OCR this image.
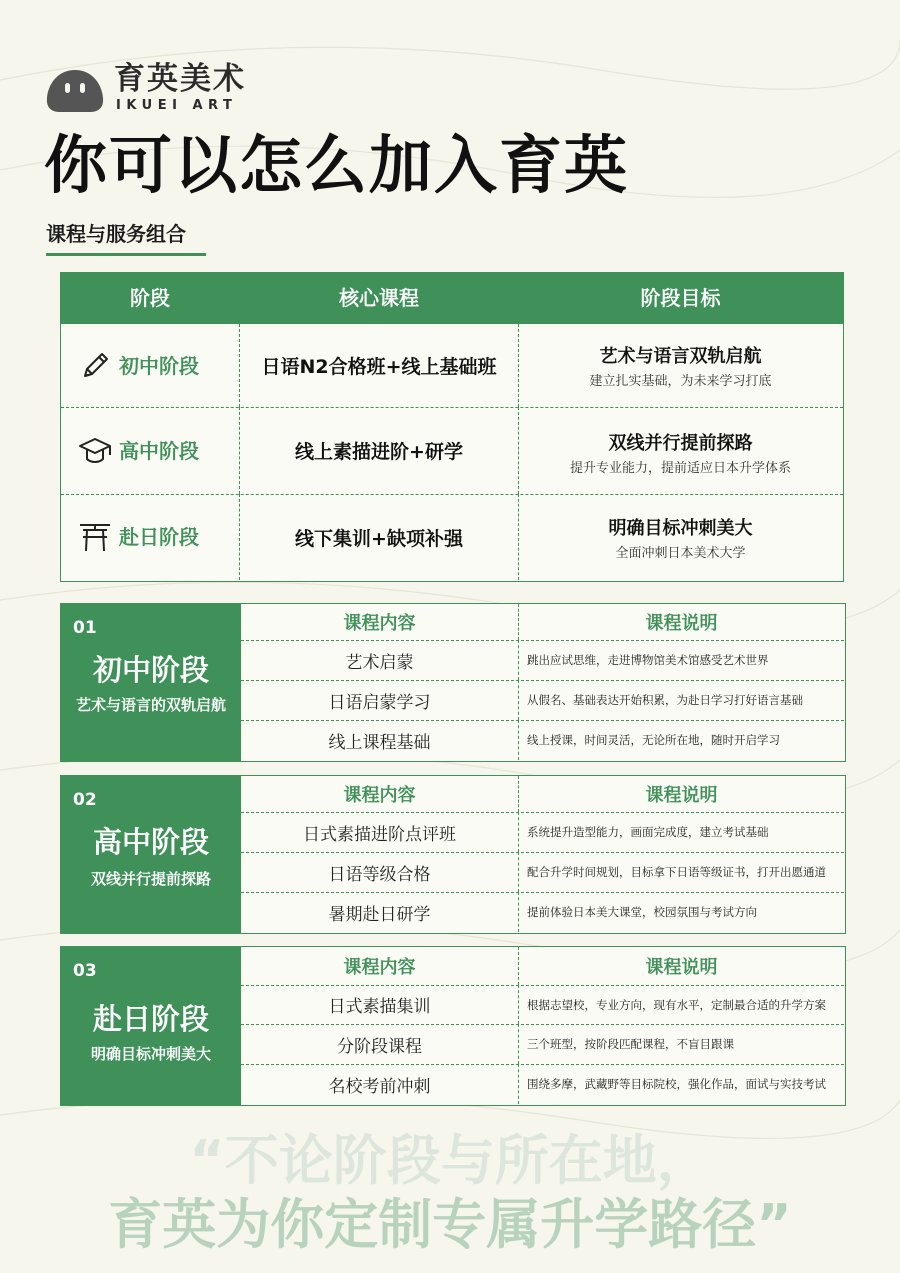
育英美术
IKUEI ART
你可以怎么加入育英
课程与服务组合
阶段	核心课程	阶段目标
初中阶段	日语N2合格班+线上基础班	艺术与语言双轨启航
建立扎实基础，为未来学习打底
高中阶段	线上素描进阶+研学	双线并行提前探路
提升专业能力，提前适应日本升学体系
赴日阶段	线下集训+缺项补强	明确目标冲刺美大
全面冲刺日本美术大学
01
初中阶段
艺术与语言的双轨启航
课程内容	课程说明
艺术启蒙	跳出应试思维，走进博物馆美术馆感受艺术世界
日语启蒙学习	从假名、基础表达开始积累，为赴日学习打好语言基础
线上课程基础	线上授课，时间灵活，无论所在地，随时开启学习
02
高中阶段
双线并行提前探路
课程内容	课程说明
日式素描进阶点评班	系统提升造型能力，画面完成度，建立考试基础
日语等级合格	配合升学时间规划，目标拿下日语等级证书，打开出愿通道
暑期赴日研学	提前体验日本美大课堂，校园氛围与考试方向
03
赴日阶段
明确目标冲刺美大
课程内容	课程说明
日式素描集训	根据志望校，专业方向，现有水平，定制最合适的升学方案
分阶段课程	三个班型，按阶段匹配课程，不盲目跟课
名校考前冲刺	围绕多摩，武藏野等目标院校，强化作品，面试与实技考试
“不论阶段与所在地，
育英为你定制专属升学路径”
